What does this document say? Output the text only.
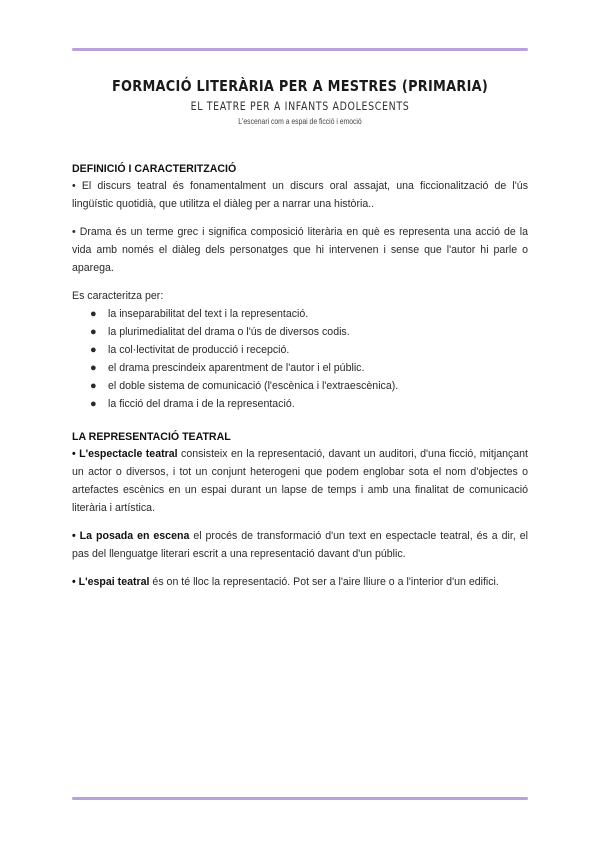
FORMACIÓ LITERÀRIA PER A MESTRES (PRIMARIA)
EL TEATRE PER A INFANTS ADOLESCENTS
L'escenari com a espai de ficció i emoció
DEFINICIÓ I CARACTERITZACIÓ

• El discurs teatral és fonamentalment un discurs oral assajat, una ficcionalització de l'ús lingüístic quotidià, que utilitza el diàleg per a narrar una història..

• Drama és un terme grec i significa composició literària en què es representa una acció de la vida amb només el diàleg dels personatges que hi intervenen i sense que l'autor hi parle o aparega.

Es caracteritza per:

● la inseparabilitat del text i la representació.
● la plurimedialitat del drama o l'ús de diversos codis.
● la col·lectivitat de producció i recepció.
● el drama prescindeix aparentment de l'autor i el públic.
● el doble sistema de comunicació (l'escènica i l'extraescènica).
● la ficció del drama i de la representació.
LA REPRESENTACIÓ TEATRAL

• L'espectacle teatral consisteix en la representació, davant un auditori, d'una ficció, mitjançant un actor o diversos, i tot un conjunt heterogeni que podem englobar sota el nom d'objectes o artefactes escènics en un espai durant un lapse de temps i amb una finalitat de comunicació literària i artística.

• La posada en escena el procés de transformació d'un text en espectacle teatral, és a dir, el pas del llenguatge literari escrit a una representació davant d'un públic.

• L'espai teatral és on té lloc la representació. Pot ser a l'aire lliure o a l'interior d'un edifici.
